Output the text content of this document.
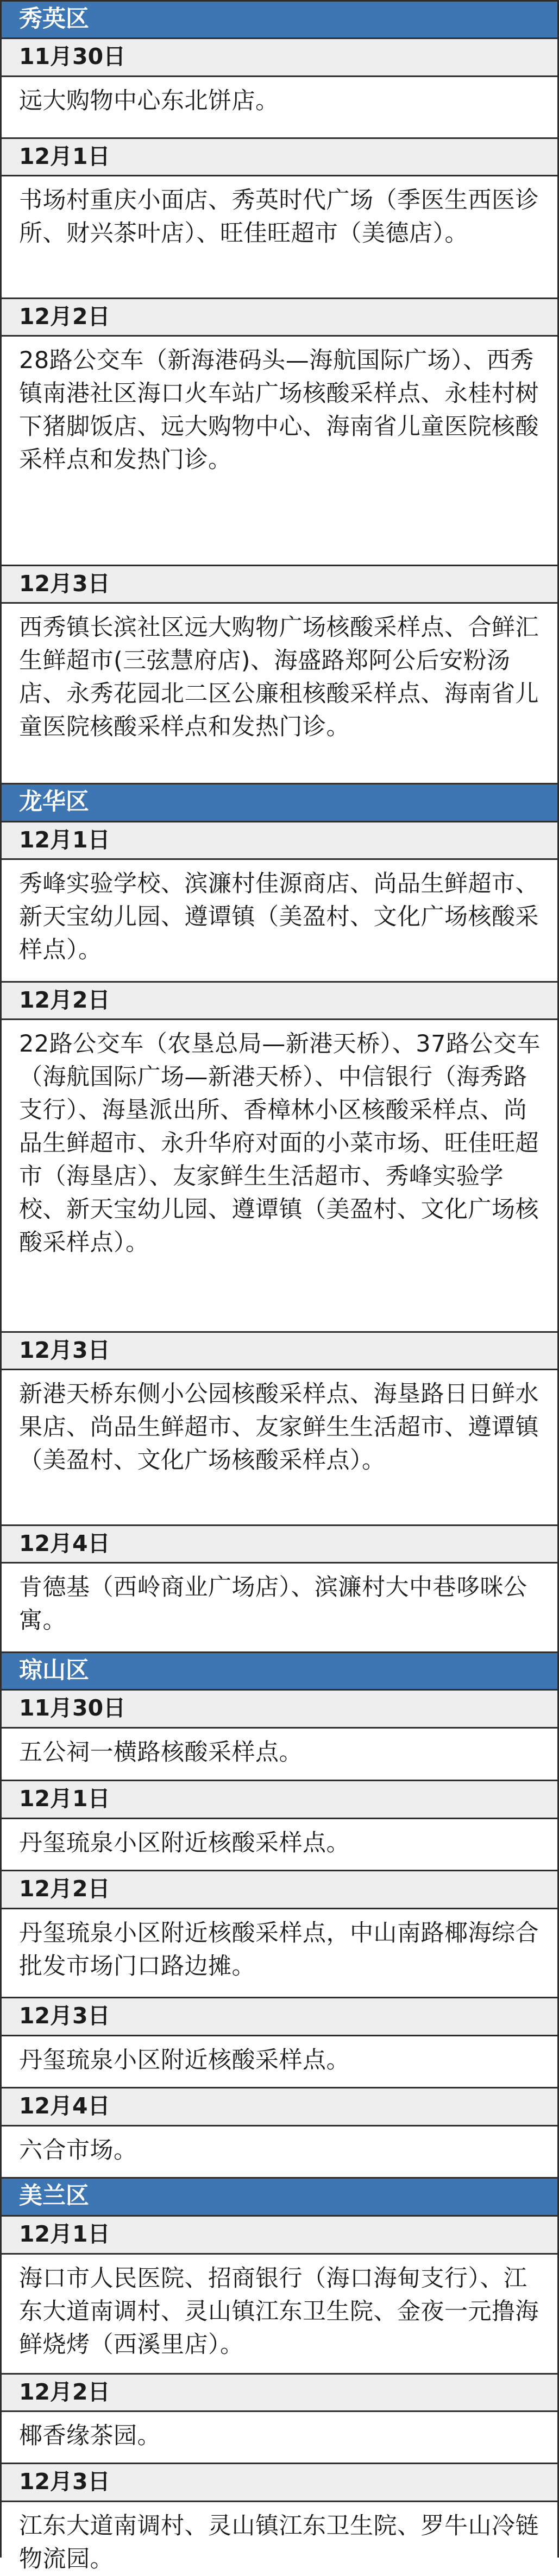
秀英区
11月30日
远大购物中心东北饼店。
12月1日
书场村重庆小面店、秀英时代广场（季医生西医诊所、财兴茶叶店）、旺佳旺超市（美德店）。
12月2日
28路公交车（新海港码头—海航国际广场）、西秀镇南港社区海口火车站广场核酸采样点、永桂村树下猪脚饭店、远大购物中心、海南省儿童医院核酸采样点和发热门诊。
12月3日
西秀镇长滨社区远大购物广场核酸采样点、合鲜汇生鲜超市(三弦慧府店)、海盛路郑阿公后安粉汤店、永秀花园北二区公廉租核酸采样点、海南省儿童医院核酸采样点和发热门诊。
龙华区
12月1日
秀峰实验学校、滨濂村佳源商店、尚品生鲜超市、新天宝幼儿园、遵谭镇（美盈村、文化广场核酸采样点）。
12月2日
22路公交车（农垦总局—新港天桥）、37路公交车（海航国际广场—新港天桥）、中信银行（海秀路支行）、海垦派出所、香樟林小区核酸采样点、尚品生鲜超市、永升华府对面的小菜市场、旺佳旺超市（海垦店）、友家鲜生生活超市、秀峰实验学校、新天宝幼儿园、遵谭镇（美盈村、文化广场核酸采样点）。
12月3日
新港天桥东侧小公园核酸采样点、海垦路日日鲜水果店、尚品生鲜超市、友家鲜生生活超市、遵谭镇（美盈村、文化广场核酸采样点）。
12月4日
肯德基（西岭商业广场店）、滨濂村大中巷哆咪公寓。
琼山区
11月30日
五公祠一横路核酸采样点。
12月1日
丹玺琉泉小区附近核酸采样点。
12月2日
丹玺琉泉小区附近核酸采样点，中山南路椰海综合批发市场门口路边摊。
12月3日
丹玺琉泉小区附近核酸采样点。
12月4日
六合市场。
美兰区
12月1日
海口市人民医院、招商银行（海口海甸支行）、江东大道南调村、灵山镇江东卫生院、金夜一元撸海鲜烧烤（西溪里店）。
12月2日
椰香缘茶园。
12月3日
江东大道南调村、灵山镇江东卫生院、罗牛山冷链物流园。
